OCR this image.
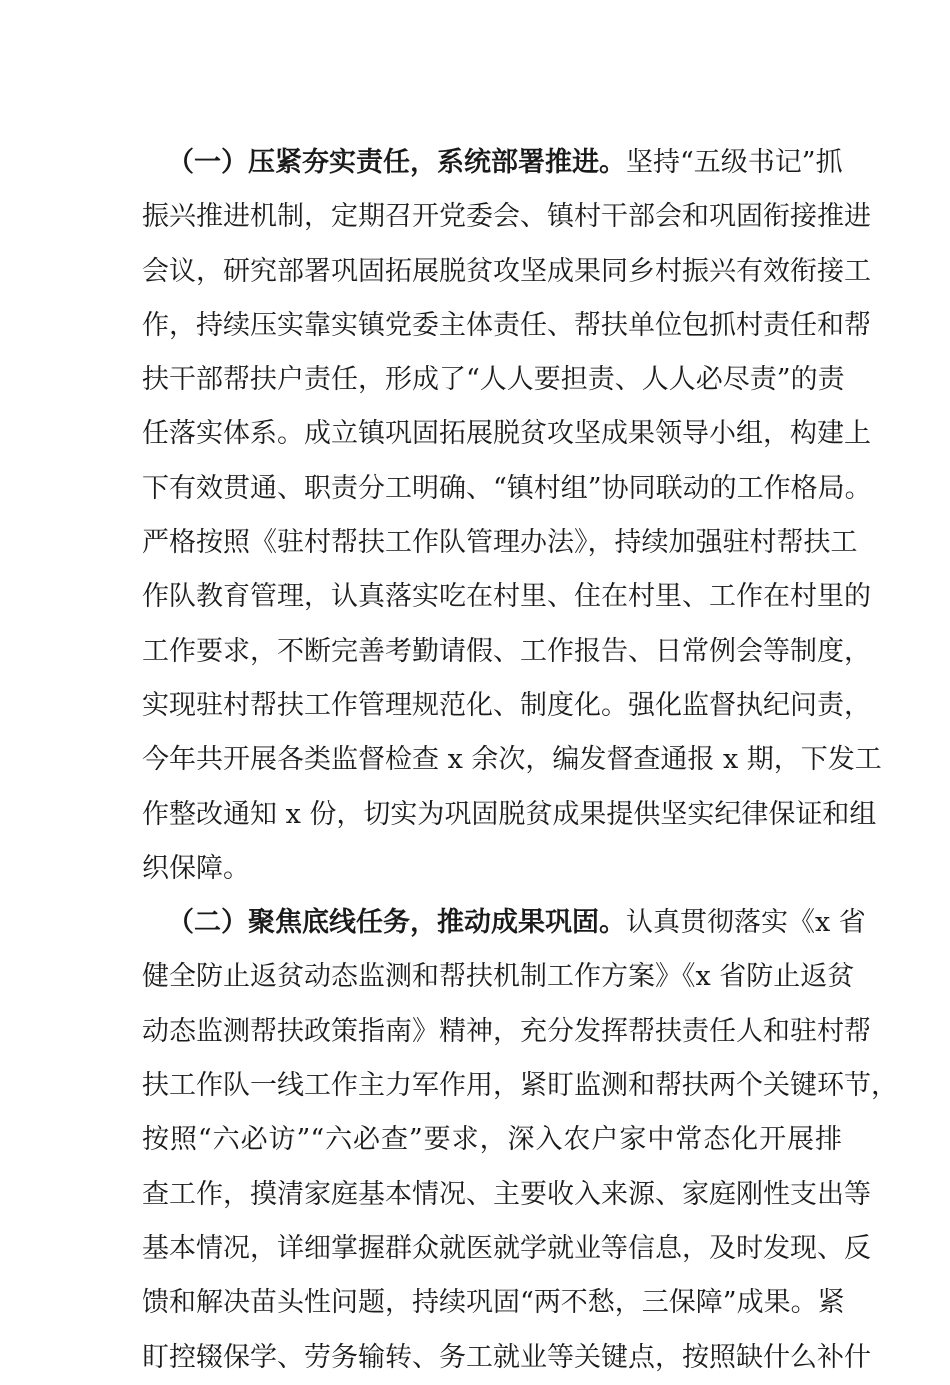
（一）压紧夯实责任，系统部署推进。坚持“五级书记”抓
振兴推进机制，定期召开党委会、镇村干部会和巩固衔接推进
会议，研究部署巩固拓展脱贫攻坚成果同乡村振兴有效衔接工
作，持续压实靠实镇党委主体责任、帮扶单位包抓村责任和帮
扶干部帮扶户责任，形成了“人人要担责、人人必尽责”的责
任落实体系。成立镇巩固拓展脱贫攻坚成果领导小组，构建上
下有效贯通、职责分工明确、“镇村组”协同联动的工作格局。
严格按照《驻村帮扶工作队管理办法》，持续加强驻村帮扶工
作队教育管理，认真落实吃在村里、住在村里、工作在村里的
工作要求，不断完善考勤请假、工作报告、日常例会等制度，
实现驻村帮扶工作管理规范化、制度化。强化监督执纪问责，
今年共开展各类监督检查 x 余次，编发督查通报 x 期，下发工
作整改通知 x 份，切实为巩固脱贫成果提供坚实纪律保证和组
织保障。
（二）聚焦底线任务，推动成果巩固。认真贯彻落实《x 省
健全防止返贫动态监测和帮扶机制工作方案》《x 省防止返贫
动态监测帮扶政策指南》精神，充分发挥帮扶责任人和驻村帮
扶工作队一线工作主力军作用，紧盯监测和帮扶两个关键环节，
按照“六必访”“六必查”要求，深入农户家中常态化开展排
查工作，摸清家庭基本情况、主要收入来源、家庭刚性支出等
基本情况，详细掌握群众就医就学就业等信息，及时发现、反
馈和解决苗头性问题，持续巩固“两不愁，三保障”成果。紧
盯控辍保学、劳务输转、务工就业等关键点，按照缺什么补什
